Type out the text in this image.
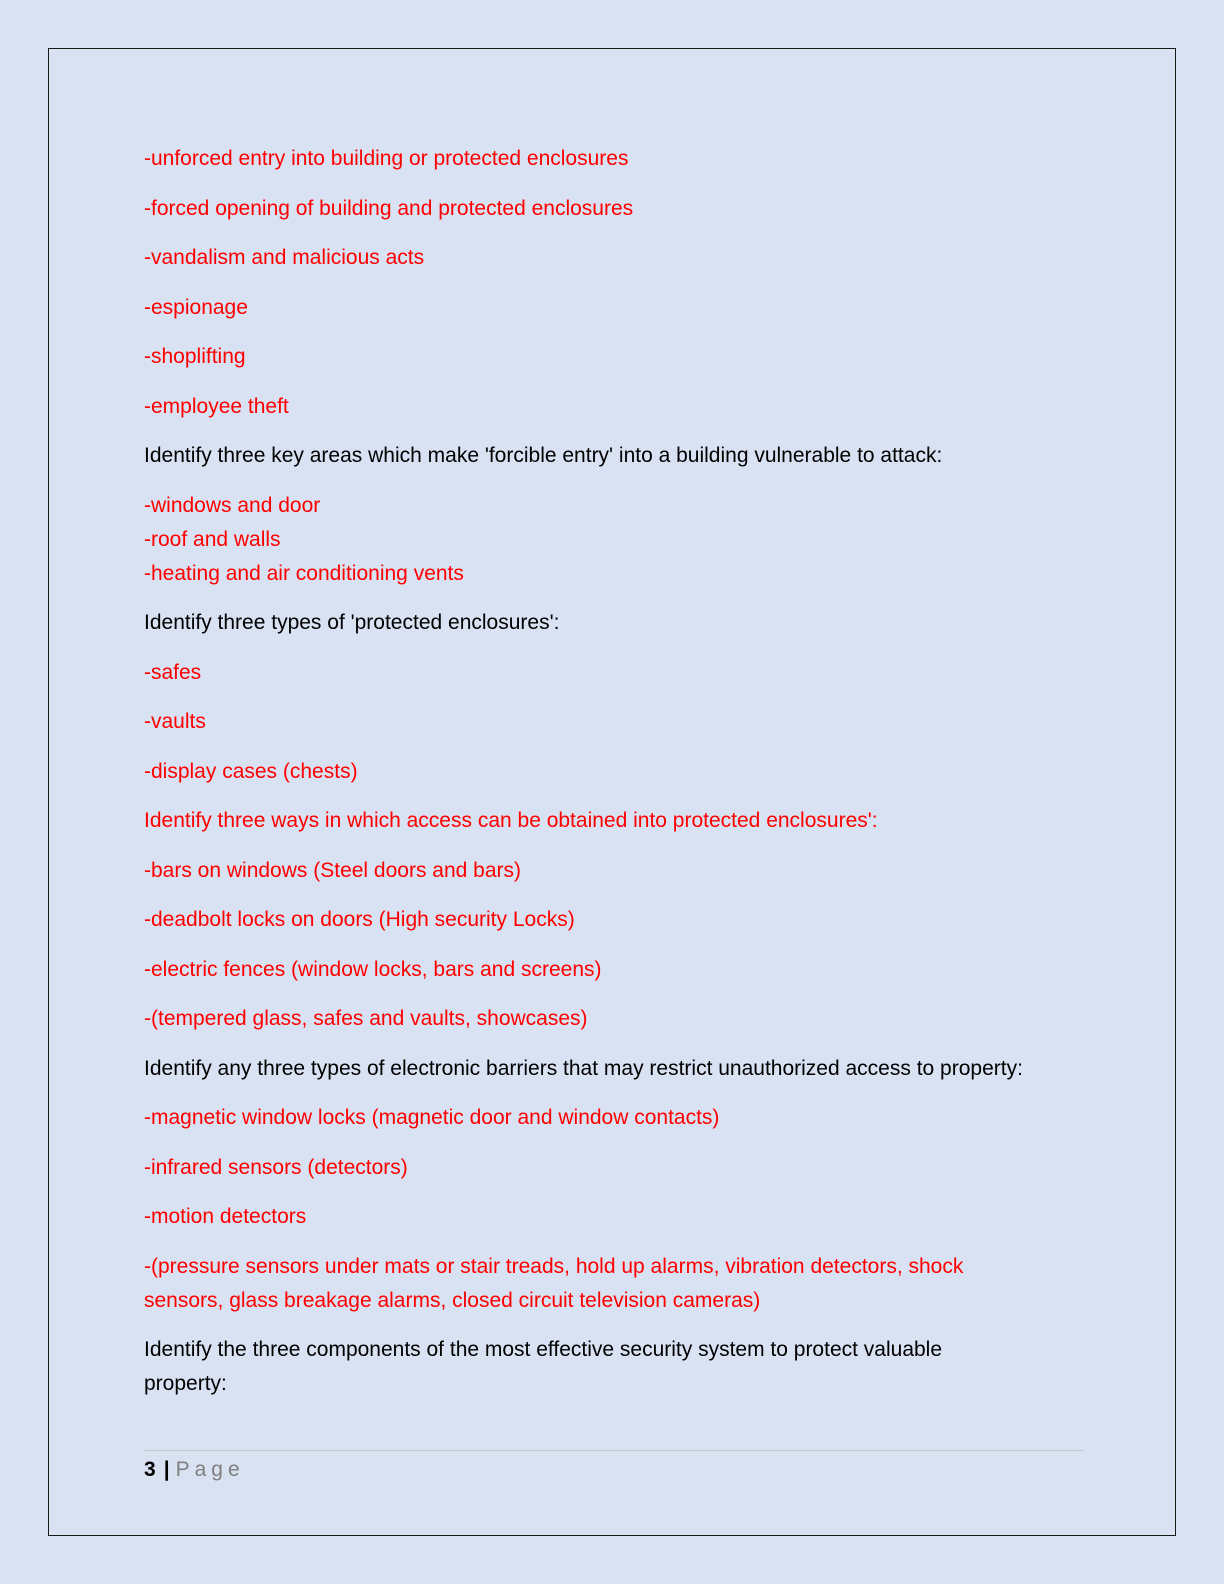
-unforced entry into building or protected enclosures
-forced opening of building and protected enclosures
-vandalism and malicious acts
-espionage
-shoplifting
-employee theft
Identify three key areas which make 'forcible entry' into a building vulnerable to attack:
-windows and door
-roof and walls
-heating and air conditioning vents
Identify three types of 'protected enclosures':
-safes
-vaults
-display cases (chests)
Identify three ways in which access can be obtained into protected enclosures':
-bars on windows (Steel doors and bars)
-deadbolt locks on doors (High security Locks)
-electric fences (window locks, bars and screens)
-(tempered glass, safes and vaults, showcases)
Identify any three types of electronic barriers that may restrict unauthorized access to property:
-magnetic window locks (magnetic door and window contacts)
-infrared sensors (detectors)
-motion detectors
-(pressure sensors under mats or stair treads, hold up alarms, vibration detectors, shock
sensors, glass breakage alarms, closed circuit television cameras)
Identify the three components of the most effective security system to protect valuable
property:
3 | Page
